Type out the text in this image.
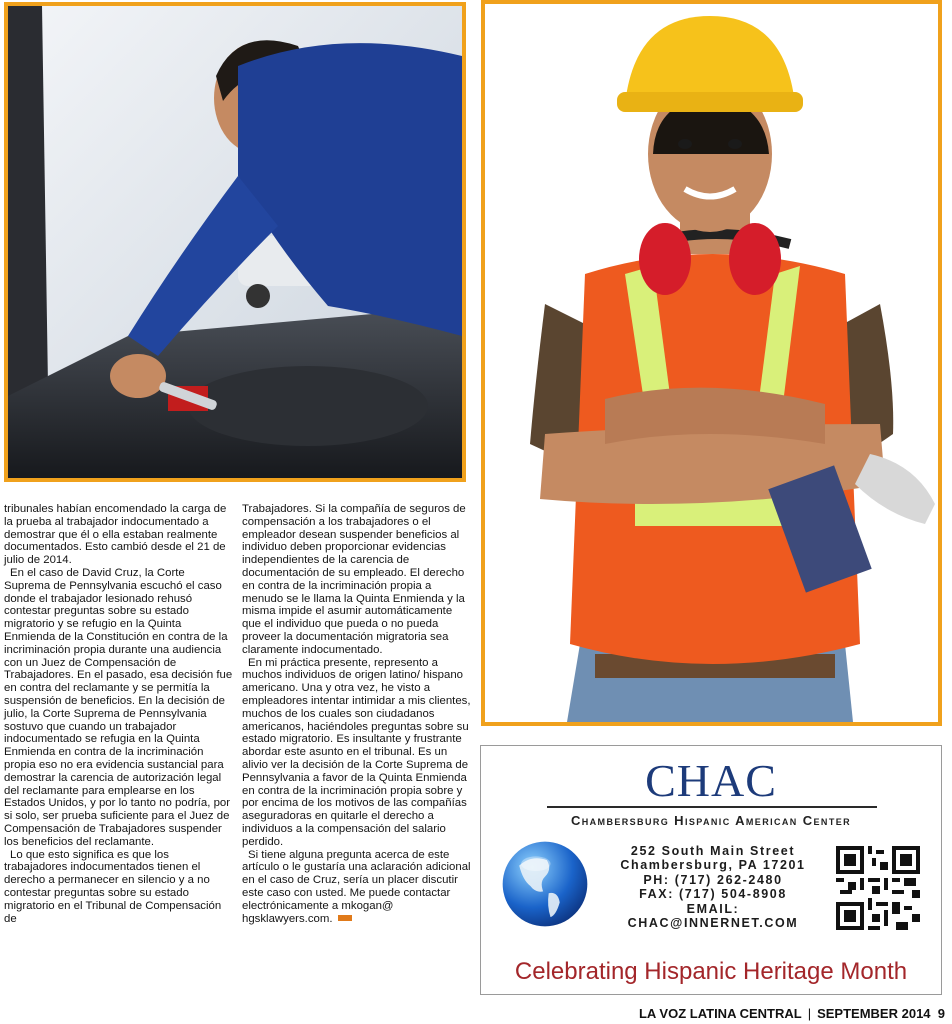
tribunales habían encomendado la carga de la prueba al trabajador indocumentado a demostrar que él o ella estaban realmente documentados. Esto cambió desde el 21 de julio de 2014.

En el caso de David Cruz, la Corte Suprema de Pennsylvania escuchó el caso donde el trabajador lesionado rehusó contestar preguntas sobre su estado migratorio y se refugio en la Quinta Enmienda de la Constitución en contra de la incriminación propia durante una audiencia con un Juez de Compensación de Trabajadores. En el pasado, esa decisión fue en contra del reclamante y se permitía la suspensión de beneficios. En la decisión de julio, la Corte Suprema de Pennsylvania sostuvo que cuando un trabajador indocumentado se refugia en la Quinta Enmienda en contra de la incriminación propia eso no era evidencia sustancial para demostrar la carencia de autorización legal del reclamante para emplearse en los Estados Unidos, y por lo tanto no podría, por si solo, ser prueba suficiente para el Juez de Compensación de Trabajadores suspender los beneficios del reclamante.

Lo que esto significa es que los trabajadores indocumentados tienen el derecho a permanecer en silencio y a no contestar preguntas sobre su estado migratorio en el Tribunal de Compensación de

Trabajadores. Si la compañía de seguros de compensación a los trabajadores o el empleador desean suspender beneficios al individuo deben proporcionar evidencias independientes de la carencia de documentación de su empleado. El derecho en contra de la incriminación propia a menudo se le llama la Quinta Enmienda y la misma impide el asumir automáticamente que el individuo que pueda o no pueda proveer la documentación migratoria sea claramente indocumentado.

En mi práctica presente, represento a muchos individuos de origen latino/ hispano americano. Una y otra vez, he visto a empleadores intentar intimidar a mis clientes, muchos de los cuales son ciudadanos americanos, haciéndoles preguntas sobre su estado migratorio. Es insultante y frustrante abordar este asunto en el tribunal. Es un alivio ver la decisión de la Corte Suprema de Pennsylvania a favor de la Quinta Enmienda en contra de la incriminación propia sobre y por encima de los motivos de las compañías aseguradoras en quitarle el derecho a individuos a la compensación del salario perdido.

Si tiene alguna pregunta acerca de este artículo o le gustaría una aclaración adicional en el caso de Cruz, sería un placer discutir este caso con usted. Me puede contactar electrónicamente a mkogan@ hgsklawyers.com.

CHAC
Chambersburg Hispanic American Center
252 South Main Street
Chambersburg, PA 17201
PH: (717) 262-2480
FAX: (717) 504-8908
EMAIL:
CHAC@INNERNET.COM
Celebrating Hispanic Heritage Month
LA VOZ LATINA CENTRAL | SEPTEMBER 2014 9
